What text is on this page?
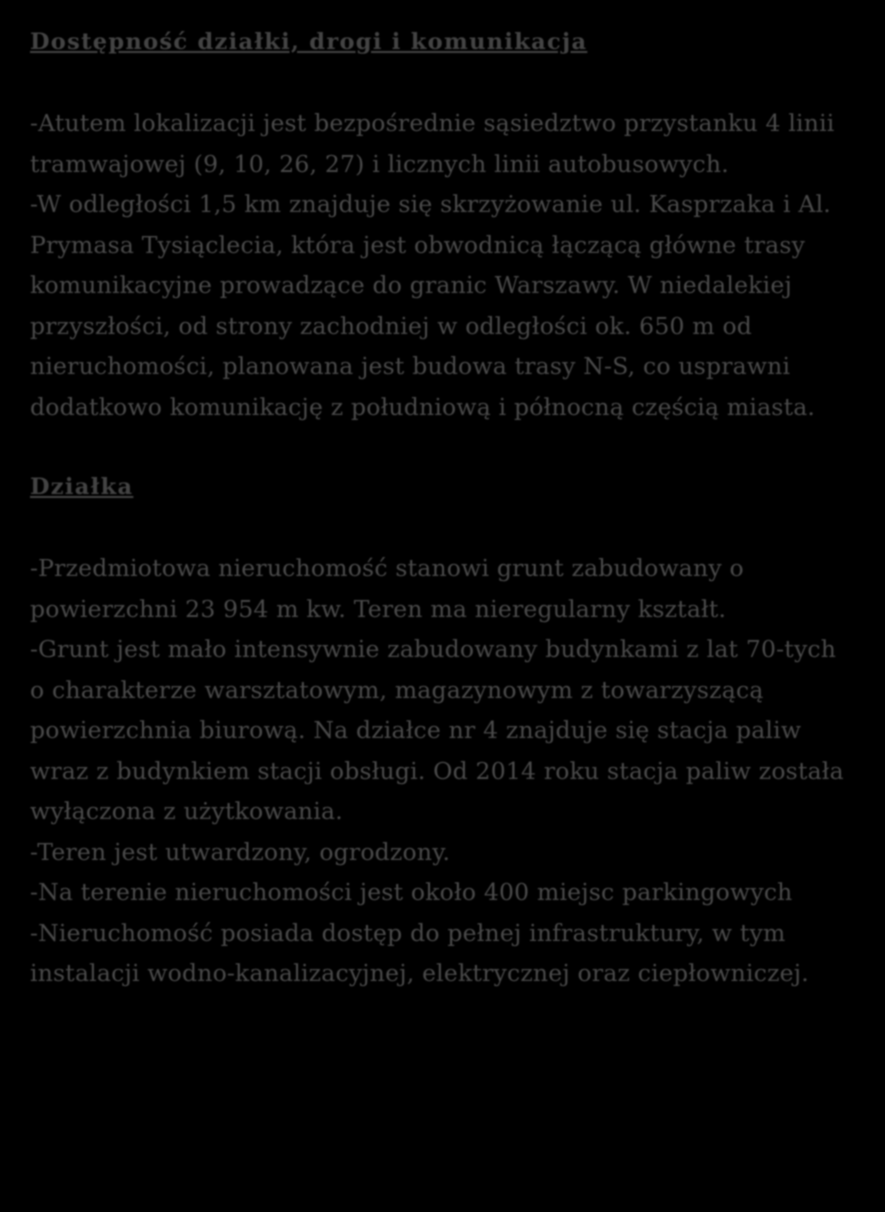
Dostępność działki, drogi i komunikacja

-Atutem lokalizacji jest bezpośrednie sąsiedztwo przystanku 4 linii tramwajowej (9, 10, 26, 27) i licznych linii autobusowych.

-W odległości 1,5 km znajduje się skrzyżowanie ul. Kasprzaka i Al. Prymasa Tysiąclecia, która jest obwodnicą łączącą główne trasy komunikacyjne prowadzące do granic Warszawy. W niedalekiej przyszłości, od strony zachodniej w odległości ok. 650 m od nieruchomości, planowana jest budowa trasy N-S, co usprawni dodatkowo komunikację z południową i północną częścią miasta.

Działka

-Przedmiotowa nieruchomość stanowi grunt zabudowany o powierzchni 23 954 m kw. Teren ma nieregularny kształt.

-Grunt jest mało intensywnie zabudowany budynkami z lat 70-tych o charakterze warsztatowym, magazynowym z towarzyszącą powierzchnia biurową. Na działce nr 4 znajduje się stacja paliw wraz z budynkiem stacji obsługi. Od 2014 roku stacja paliw została wyłączona z użytkowania.

-Teren jest utwardzony, ogrodzony.

-Na terenie nieruchomości jest około 400 miejsc parkingowych

-Nieruchomość posiada dostęp do pełnej infrastruktury, w tym instalacji wodno-kanalizacyjnej, elektrycznej oraz ciepłowniczej.
